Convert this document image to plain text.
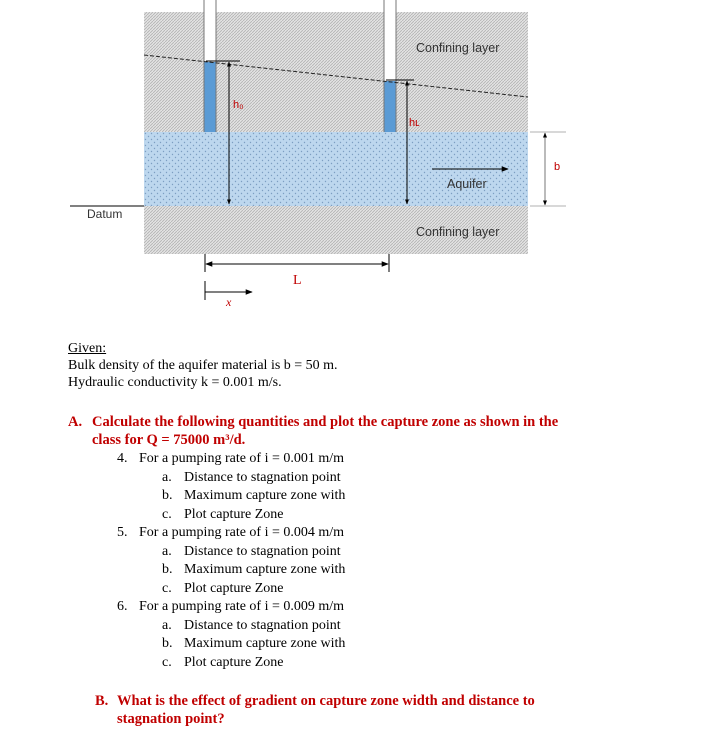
h₀
hʟ
Confining layer
Aquifer
Confining layer
Datum
b
L
x
Given:
Bulk density of the aquifer material is b = 50 m.
Hydraulic conductivity k = 0.001 m/s.
A. Calculate the following quantities and plot the capture zone as shown in the
class for Q = 75000 m³/d.
4. For a pumping rate of i = 0.001 m/m
a. Distance to stagnation point
b. Maximum capture zone with
c. Plot capture Zone
5. For a pumping rate of i = 0.004 m/m
a. Distance to stagnation point
b. Maximum capture zone with
c. Plot capture Zone
6. For a pumping rate of i = 0.009 m/m
a. Distance to stagnation point
b. Maximum capture zone with
c. Plot capture Zone
B. What is the effect of gradient on capture zone width and distance to
stagnation point?
